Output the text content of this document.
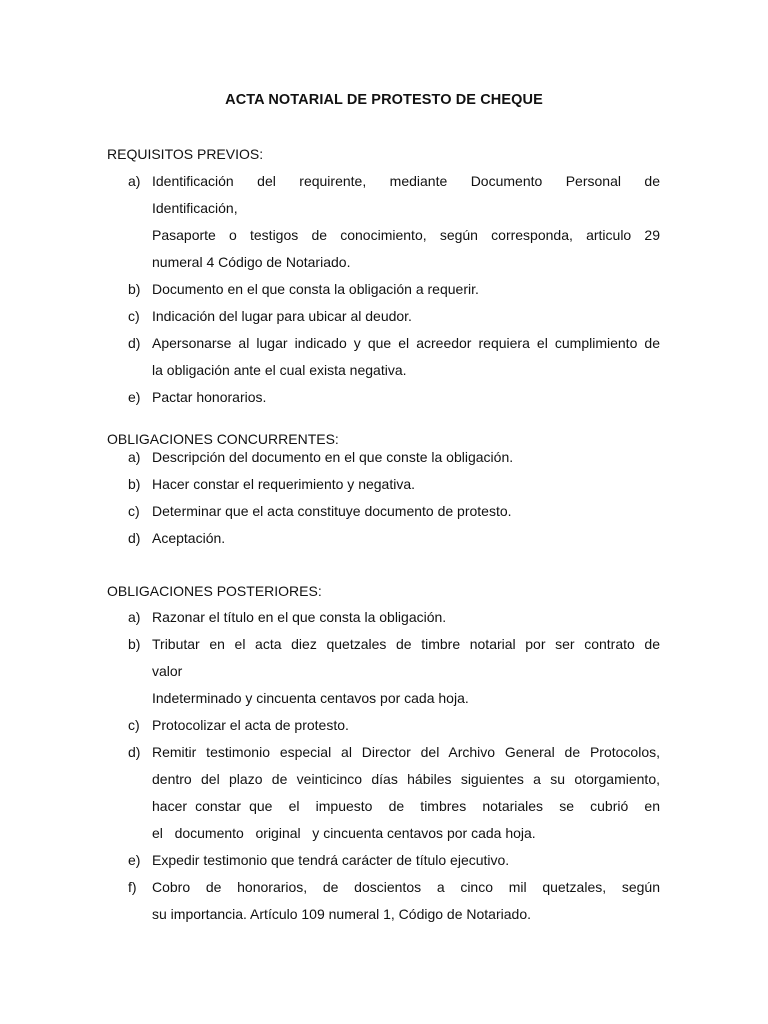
ACTA NOTARIAL DE PROTESTO DE CHEQUE
REQUISITOS PREVIOS:
a) Identificación del requirente, mediante Documento Personal de
Identificación,
Pasaporte o testigos de conocimiento, según corresponda, articulo 29
numeral 4 Código de Notariado.
b) Documento en el que consta la obligación a requerir.
c) Indicación del lugar para ubicar al deudor.
d) Apersonarse al lugar indicado y que el acreedor requiera el cumplimiento de
la obligación ante el cual exista negativa.
e) Pactar honorarios.
OBLIGACIONES CONCURRENTES:
a) Descripción del documento en el que conste la obligación.
b) Hacer constar el requerimiento y negativa.
c) Determinar que el acta constituye documento de protesto.
d) Aceptación.
OBLIGACIONES POSTERIORES:
a) Razonar el título en el que consta la obligación.
b) Tributar en el acta diez quetzales de timbre notarial por ser contrato de
valor
Indeterminado y cincuenta centavos por cada hoja.
c) Protocolizar el acta de protesto.
d) Remitir testimonio especial al Director del Archivo General de Protocolos,
dentro del plazo de veinticinco días hábiles siguientes a su otorgamiento,
hacer constar que  el  impuesto  de  timbres  notariales  se  cubrió  en
el   documento   original   y cincuenta centavos por cada hoja.
e) Expedir testimonio que tendrá carácter de título ejecutivo.
f) Cobro de honorarios, de doscientos a cinco mil quetzales, según
su importancia. Artículo 109 numeral 1, Código de Notariado.
